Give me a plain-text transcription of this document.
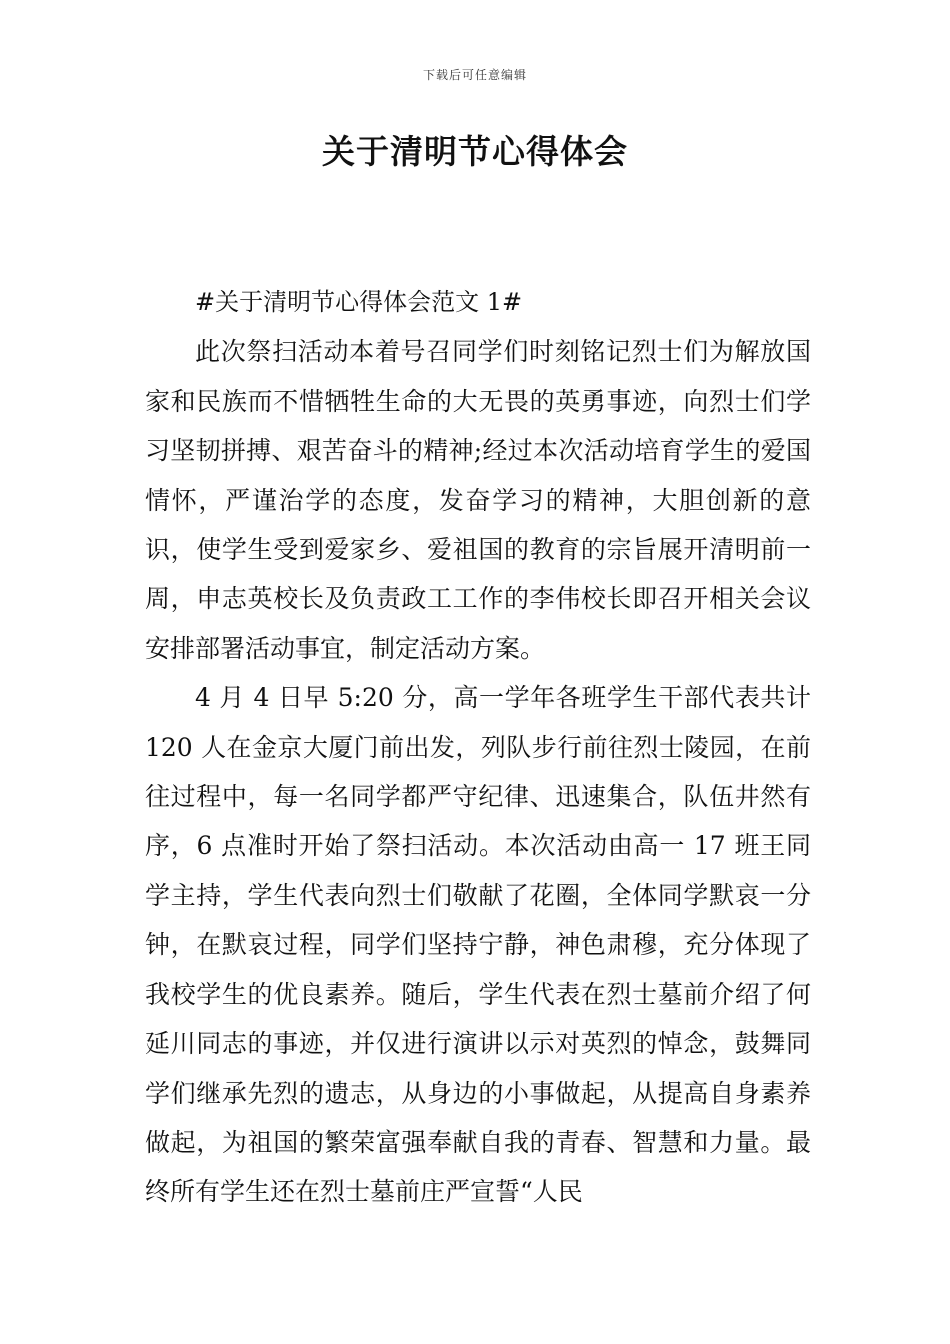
下载后可任意编辑
关于清明节心得体会
#关于清明节心得体会范文 1#

此次祭扫活动本着号召同学们时刻铭记烈士们为解放国家和民族而不惜牺牲生命的大无畏的英勇事迹，向烈士们学习坚韧拼搏、艰苦奋斗的精神;经过本次活动培育学生的爱国情怀，严谨治学的态度，发奋学习的精神，大胆创新的意识，使学生受到爱家乡、爱祖国的教育的宗旨展开清明前一周，申志英校长及负责政工工作的李伟校长即召开相关会议安排部署活动事宜，制定活动方案。

4 月 4 日早 5:20 分，高一学年各班学生干部代表共计 120 人在金京大厦门前出发，列队步行前往烈士陵园，在前往过程中，每一名同学都严守纪律、迅速集合，队伍井然有序，6 点准时开始了祭扫活动。本次活动由高一 17 班王同学主持，学生代表向烈士们敬献了花圈，全体同学默哀一分钟，在默哀过程，同学们坚持宁静，神色肃穆，充分体现了我校学生的优良素养。随后，学生代表在烈士墓前介绍了何延川同志的事迹，并仅进行演讲以示对英烈的悼念，鼓舞同学们继承先烈的遗志，从身边的小事做起，从提高自身素养做起，为祖国的繁荣富强奉献自我的青春、智慧和力量。最终所有学生还在烈士墓前庄严宣誓“人民
